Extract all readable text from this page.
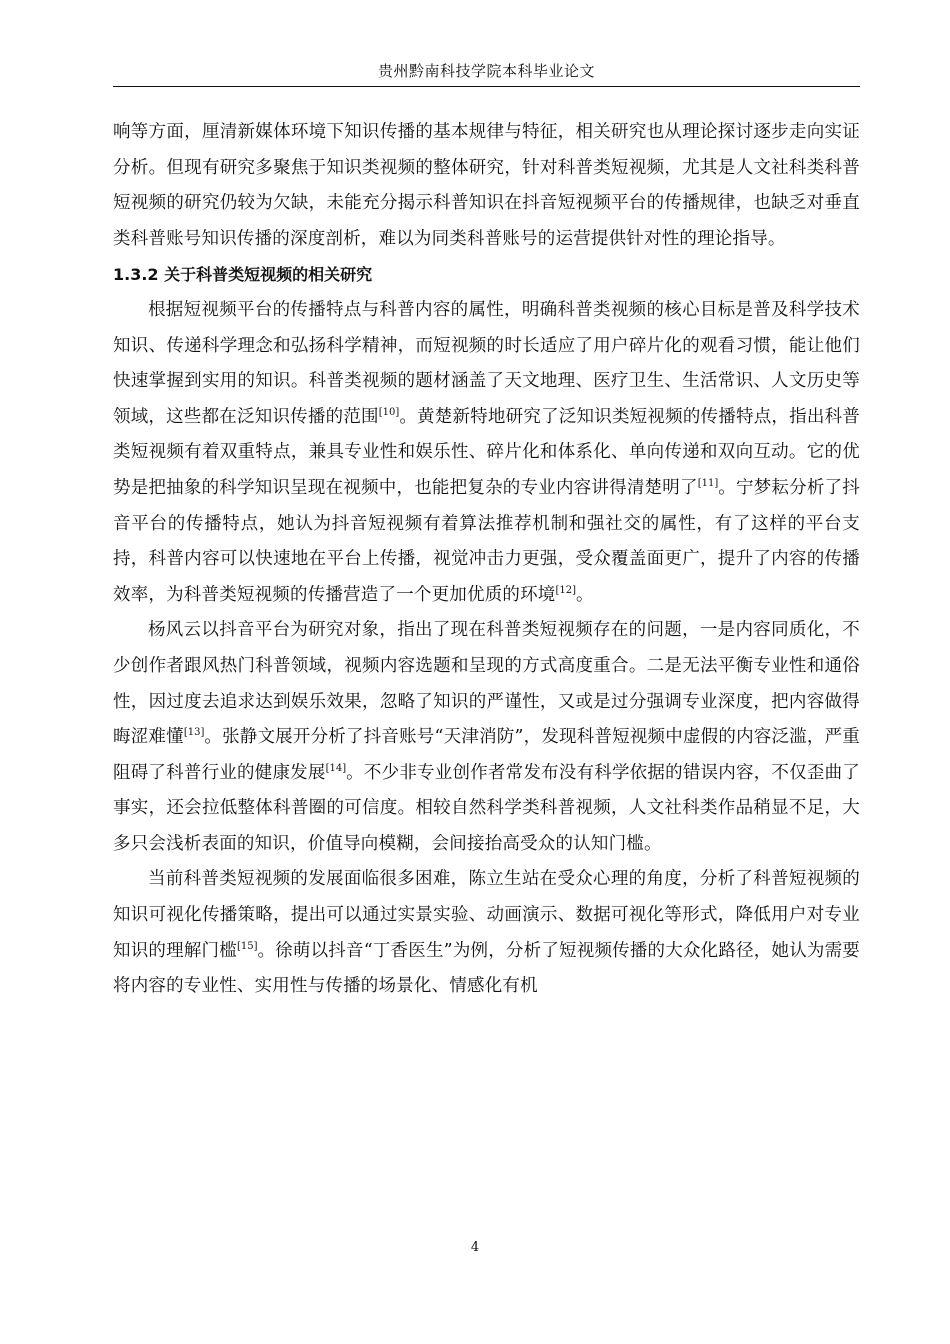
贵州黔南科技学院本科毕业论文

响等方面，厘清新媒体环境下知识传播的基本规律与特征，相关研究也从理论探讨逐步走向实证分析。但现有研究多聚焦于知识类视频的整体研究，针对科普类短视频，尤其是人文社科类科普短视频的研究仍较为欠缺，未能充分揭示科普知识在抖音短视频平台的传播规律，也缺乏对垂直类科普账号知识传播的深度剖析，难以为同类科普账号的运营提供针对性的理论指导。

1.3.2 关于科普类短视频的相关研究

根据短视频平台的传播特点与科普内容的属性，明确科普类视频的核心目标是普及科学技术知识、传递科学理念和弘扬科学精神，而短视频的时长适应了用户碎片化的观看习惯，能让他们快速掌握到实用的知识。科普类视频的题材涵盖了天文地理、医疗卫生、生活常识、人文历史等领域，这些都在泛知识传播的范围[10]。黄楚新特地研究了泛知识类短视频的传播特点，指出科普类短视频有着双重特点，兼具专业性和娱乐性、碎片化和体系化、单向传递和双向互动。它的优势是把抽象的科学知识呈现在视频中，也能把复杂的专业内容讲得清楚明了[11]。宁梦耘分析了抖音平台的传播特点，她认为抖音短视频有着算法推荐机制和强社交的属性，有了这样的平台支持，科普内容可以快速地在平台上传播，视觉冲击力更强，受众覆盖面更广，提升了内容的传播效率，为科普类短视频的传播营造了一个更加优质的环境[12]。

杨风云以抖音平台为研究对象，指出了现在科普类短视频存在的问题，一是内容同质化，不少创作者跟风热门科普领域，视频内容选题和呈现的方式高度重合。二是无法平衡专业性和通俗性，因过度去追求达到娱乐效果，忽略了知识的严谨性，又或是过分强调专业深度，把内容做得晦涩难懂[13]。张静文展开分析了抖音账号“天津消防”，发现科普短视频中虚假的内容泛滥，严重阻碍了科普行业的健康发展[14]。不少非专业创作者常发布没有科学依据的错误内容，不仅歪曲了事实，还会拉低整体科普圈的可信度。相较自然科学类科普视频，人文社科类作品稍显不足，大多只会浅析表面的知识，价值导向模糊，会间接抬高受众的认知门槛。

当前科普类短视频的发展面临很多困难，陈立生站在受众心理的角度，分析了科普短视频的知识可视化传播策略，提出可以通过实景实验、动画演示、数据可视化等形式，降低用户对专业知识的理解门槛[15]。徐萌以抖音“丁香医生”为例，分析了短视频传播的大众化路径，她认为需要将内容的专业性、实用性与传播的场景化、情感化有机

4
